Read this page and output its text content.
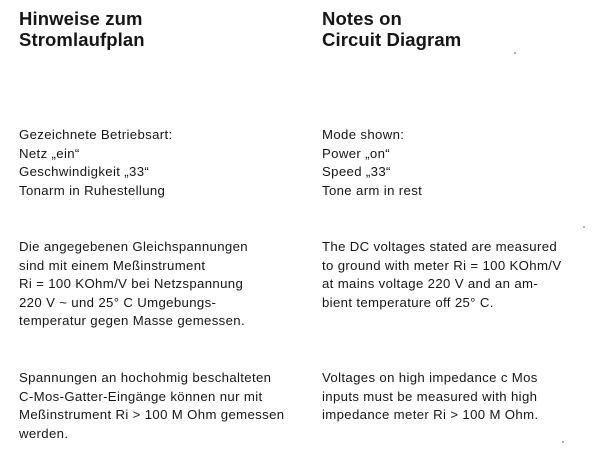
Hinweise zum
Stromlaufplan
Gezeichnete Betriebsart:
Netz „ein“
Geschwindigkeit „33“
Tonarm in Ruhestellung
Die angegebenen Gleichspannungen
sind mit einem Meßinstrument
Ri = 100 KOhm/V bei Netzspannung
220 V ~ und 25° C Umgebungs-
temperatur gegen Masse gemessen.
Spannungen an hochohmig beschalteten
C-Mos-Gatter-Eingänge können nur mit
Meßinstrument Ri > 100 M Ohm gemessen
werden.
Notes on
Circuit Diagram
Mode shown:
Power „on“
Speed „33“
Tone arm in rest
The DC voltages stated are measured
to ground with meter Ri = 100 KOhm/V
at mains voltage 220 V and an am-
bient temperature off 25° C.
Voltages on high impedance c Mos
inputs must be measured with high
impedance meter Ri > 100 M Ohm.
